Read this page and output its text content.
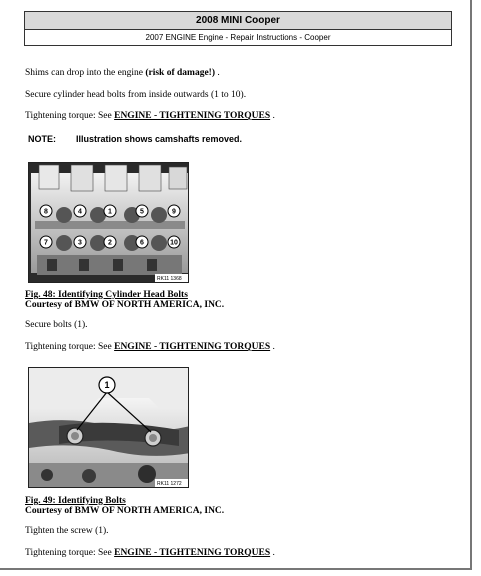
2008 MINI Cooper
2007 ENGINE Engine - Repair Instructions - Cooper
Shims can drop into the engine (risk of damage!) .
Secure cylinder head bolts from inside outwards (1 to 10).
Tightening torque: See ENGINE - TIGHTENING TORQUES .
NOTE: Illustration shows camshafts removed.
8	4	1	5	9
7	3	2	6	10
RK11 1368
Fig. 48: Identifying Cylinder Head Bolts
Courtesy of BMW OF NORTH AMERICA, INC.
Secure bolts (1).
Tightening torque: See ENGINE - TIGHTENING TORQUES .
1
RK11 1272
Fig. 49: Identifying Bolts
Courtesy of BMW OF NORTH AMERICA, INC.
Tighten the screw (1).
Tightening torque: See ENGINE - TIGHTENING TORQUES .
